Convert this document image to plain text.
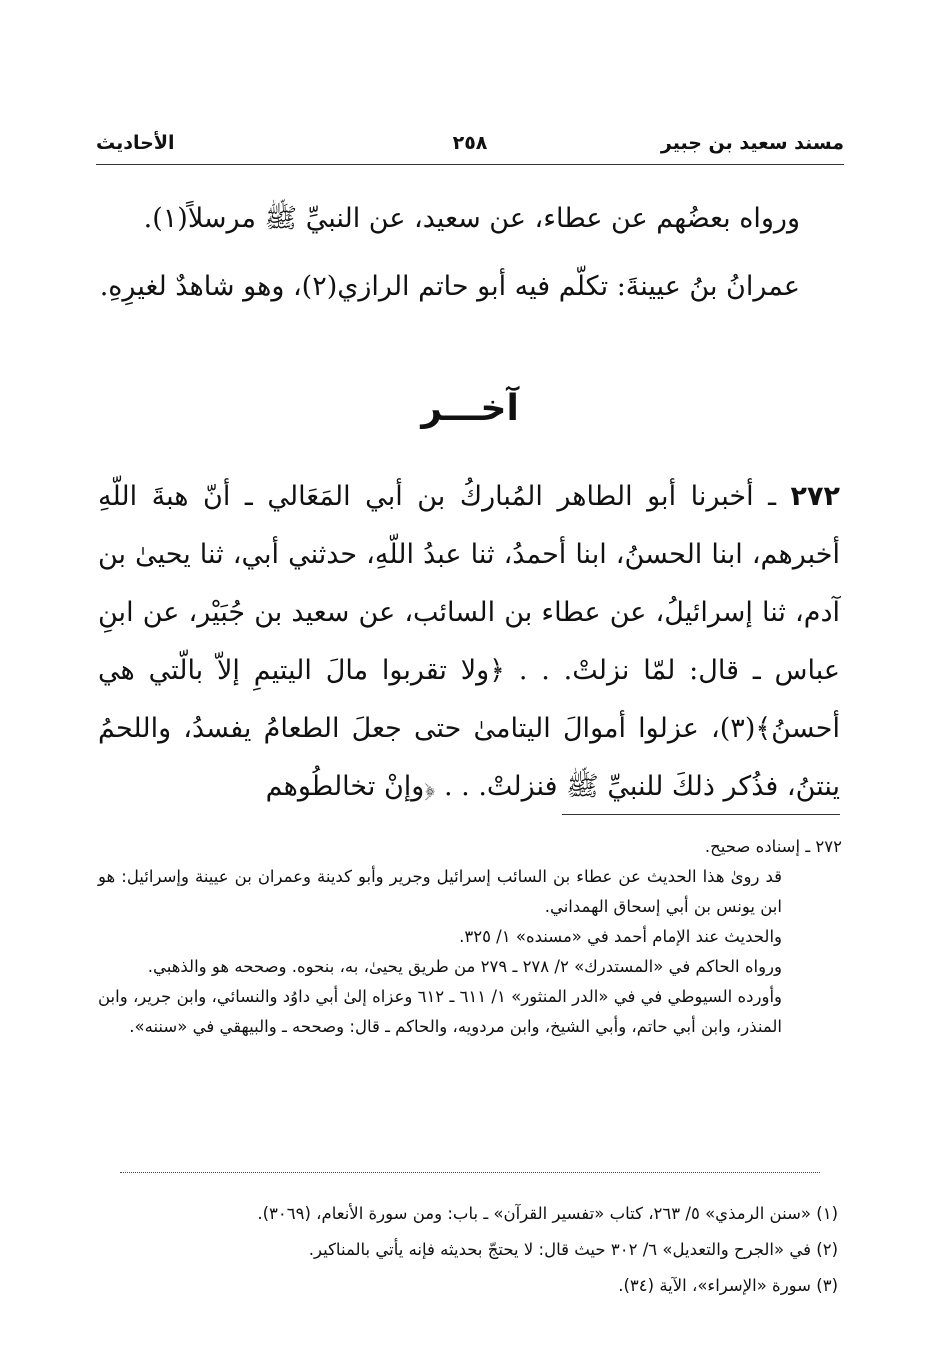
مسند سعيد بن جبير
٢٥٨
الأحاديث

ورواه بعضُهم عن عطاء، عن سعيد، عن النبيِّ ﷺ مرسلاً(١).

عمرانُ بنُ عيينةَ: تكلّم فيه أبو حاتم الرازي(٢)، وهو شاهدٌ لغيرِهِ.

آخـــر

٢٧٢ ـ أخبرنا أبو الطاهر المُباركُ بن أبي المَعَالي ـ أنّ هبةَ اللّهِ أخبرهم، ابنا الحسنُ، ابنا أحمدُ، ثنا عبدُ اللّهِ، حدثني أبي، ثنا يحيىٰ بن آدم، ثنا إسرائيلُ، عن عطاء بن السائب، عن سعيد بن جُبَيْر، عن ابنِ عباس ـ قال: لمّا نزلتْ. . . ﴿ولا تقربوا مالَ اليتيمِ إلاّ بالّتي هي أحسنُ﴾(٣)، عزلوا أموالَ اليتامىٰ حتى جعلَ الطعامُ يفسدُ، واللحمُ ينتنُ، فذُكر ذلكَ للنبيِّ ﷺ فنزلتْ. . . ﴿وإنْ تخالطُوهم

٢٧٢ ـ إسناده صحيح.

قد روىٰ هذا الحديث عن عطاء بن السائب إسرائيل وجرير وأبو كدينة وعمران بن عيينة وإسرائيل: هو ابن يونس بن أبي إسحاق الهمداني.

والحديث عند الإمام أحمد في «مسنده» ١/ ٣٢٥.

ورواه الحاكم في «المستدرك» ٢/ ٢٧٨ ـ ٢٧٩ من طريق يحيىٰ، به، بنحوه. وصححه هو والذهبي.

وأورده السيوطي في في «الدر المنثور» ١/ ٦١١ ـ ٦١٢ وعزاه إلىٰ أبي داوُد والنسائي، وابن جرير، وابن المنذر، وابن أبي حاتم، وأبي الشيخ، وابن مردويه، والحاكم ـ قال: وصححه ـ والبيهقي في «سننه».

(١) «سنن الرمذي» ٥/ ٢٦٣، كتاب «تفسير القرآن» ـ باب: ومن سورة الأنعام، (٣٠٦٩).

(٢) في «الجرح والتعديل» ٦/ ٣٠٢ حيث قال: لا يحتجّ بحديثه فإنه يأتي بالمناكير.

(٣) سورة «الإسراء»، الآية (٣٤).
